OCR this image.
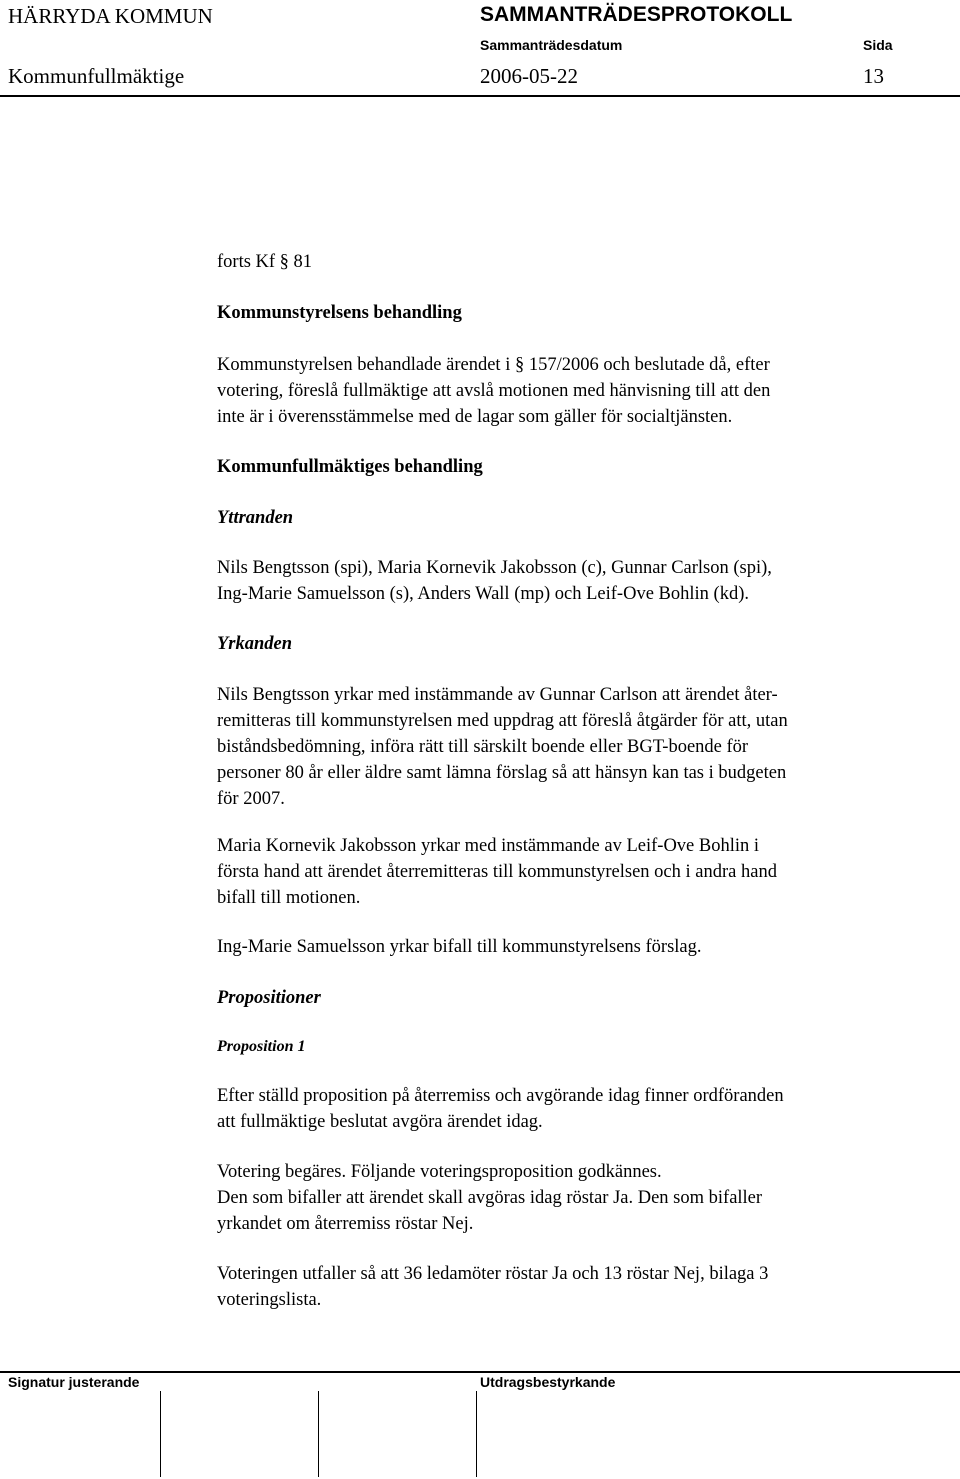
HÄRRYDA KOMMUN	SAMMANTRÄDESPROTOKOLL
Sammanträdesdatum	Sida
Kommunfullmäktige	2006-05-22	13

forts Kf § 81

Kommunstyrelsens behandling

Kommunstyrelsen behandlade ärendet i § 157/2006 och beslutade då, efter

votering, föreslå fullmäktige att avslå motionen med hänvisning till att den

inte är i överensstämmelse med de lagar som gäller för socialtjänsten.

Kommunfullmäktiges behandling

Yttranden

Nils Bengtsson (spi), Maria Kornevik Jakobsson (c), Gunnar Carlson (spi),

Ing-Marie Samuelsson (s), Anders Wall (mp) och Leif-Ove Bohlin (kd).

Yrkanden

Nils Bengtsson yrkar med instämmande av Gunnar Carlson att ärendet åter-

remitteras till kommunstyrelsen med uppdrag att föreslå åtgärder för att, utan

biståndsbedömning, införa rätt till särskilt boende eller BGT-boende för

personer 80 år eller äldre samt lämna förslag så att hänsyn kan tas i budgeten

för 2007.

Maria Kornevik Jakobsson yrkar med instämmande av Leif-Ove Bohlin i

första hand att ärendet återremitteras till kommunstyrelsen och i andra hand

bifall till motionen.

Ing-Marie Samuelsson yrkar bifall till kommunstyrelsens förslag.

Propositioner

Proposition 1

Efter ställd proposition på återremiss och avgörande idag finner ordföranden

att fullmäktige beslutat avgöra ärendet idag.

Votering begäres. Följande voteringsproposition godkännes.

Den som bifaller att ärendet skall avgöras idag röstar Ja. Den som bifaller

yrkandet om återremiss röstar Nej.

Voteringen utfaller så att 36 ledamöter röstar Ja och 13 röstar Nej, bilaga 3

voteringslista.

Signatur justerande	Utdragsbestyrkande
